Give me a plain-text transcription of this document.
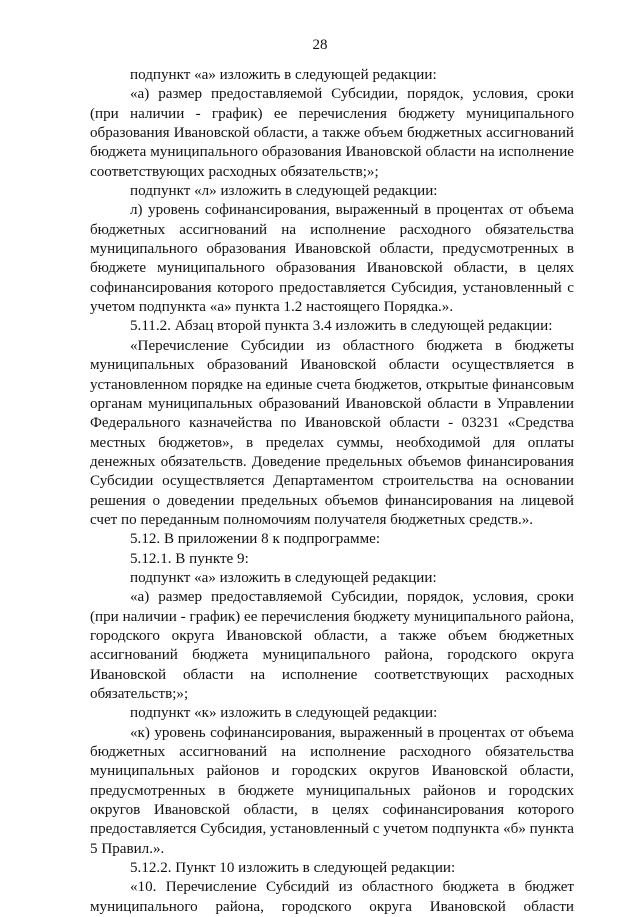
28

подпункт «а» изложить в следующей редакции:

«а) размер предоставляемой Субсидии, порядок, условия, сроки (при наличии - график) ее перечисления бюджету муниципального образования Ивановской области, а также объем бюджетных ассигнований бюджета муниципального образования Ивановской области на исполнение соответствующих расходных обязательств;»;

подпункт «л» изложить в следующей редакции:

л) уровень софинансирования, выраженный в процентах от объема бюджетных ассигнований на исполнение расходного обязательства муниципального образования Ивановской области, предусмотренных в бюджете муниципального образования Ивановской области, в целях софинансирования которого предоставляется Субсидия, установленный с учетом подпункта «а» пункта 1.2 настоящего Порядка.».

5.11.2. Абзац второй пункта 3.4 изложить в следующей редакции:

«Перечисление Субсидии из областного бюджета в бюджеты муниципальных образований Ивановской области осуществляется в установленном порядке на единые счета бюджетов, открытые финансовым органам муниципальных образований Ивановской области в Управлении Федерального казначейства по Ивановской области - 03231 «Средства местных бюджетов», в пределах суммы, необходимой для оплаты денежных обязательств. Доведение предельных объемов финансирования Субсидии осуществляется Департаментом строительства на основании решения о доведении предельных объемов финансирования на лицевой счет по переданным полномочиям получателя бюджетных средств.».

5.12. В приложении 8 к подпрограмме:

5.12.1. В пункте 9:

подпункт «а» изложить в следующей редакции:

«а) размер предоставляемой Субсидии, порядок, условия, сроки (при наличии - график) ее перечисления бюджету муниципального района, городского округа Ивановской области, а также объем бюджетных ассигнований бюджета муниципального района, городского округа Ивановской области на исполнение соответствующих расходных обязательств;»;

подпункт «к» изложить в следующей редакции:

«к) уровень софинансирования, выраженный в процентах от объема бюджетных ассигнований на исполнение расходного обязательства муниципальных районов и городских округов Ивановской области, предусмотренных в бюджете муниципальных районов и городских округов Ивановской области, в целях софинансирования которого предоставляется Субсидия, установленный с учетом подпункта «б» пункта 5 Правил.».

5.12.2. Пункт 10 изложить в следующей редакции:

«10. Перечисление Субсидий из областного бюджета в бюджет муниципального района, городского округа Ивановской области
